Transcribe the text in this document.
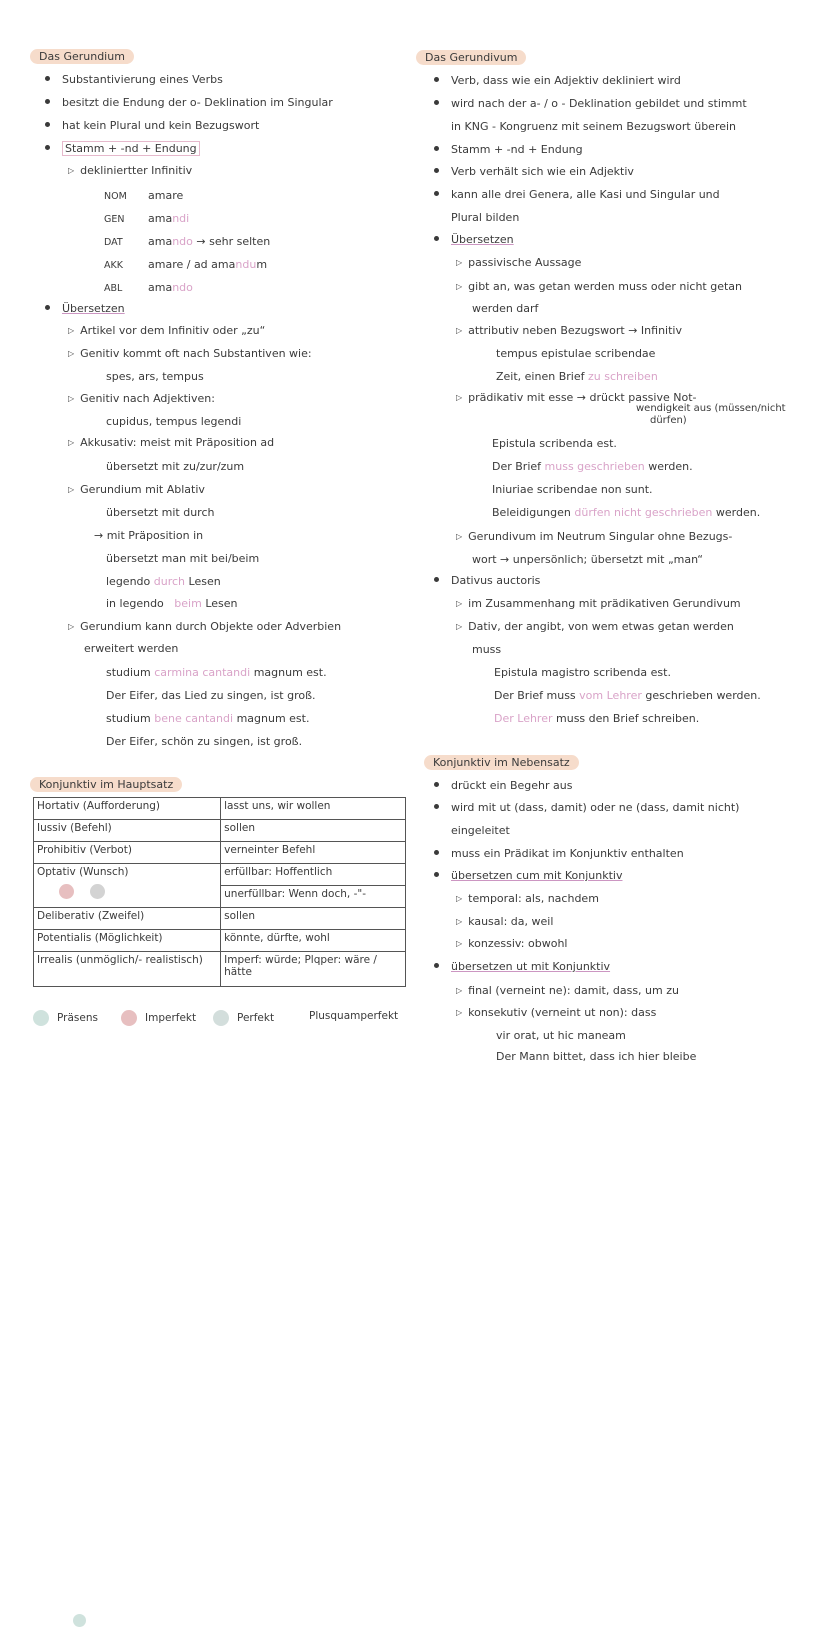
Das Gerundium
Substantivierung eines Verbs
besitzt die Endung der o- Deklination im Singular
hat kein Plural und kein Bezugswort
Stamm + -nd + Endung
▷ dekliniertter Infinitiv
NOM amare
GEN amandi
DAT amando → sehr selten
AKK amare / ad amandum
ABL amando
Übersetzen
▷ Artikel vor dem Infinitiv oder „zu“
▷ Genitiv kommt oft nach Substantiven wie:
spes, ars, tempus
▷ Genitiv nach Adjektiven:
cupidus, tempus legendi
▷ Akkusativ: meist mit Präposition ad
übersetzt mit zu/zur/zum
▷ Gerundium mit Ablativ
übersetzt mit durch
→ mit Präposition in
übersetzt man mit bei/beim
legendo durch Lesen
in legendo beim Lesen
▷ Gerundium kann durch Objekte oder Adverbien
erweitert werden
studium carmina cantandi magnum est.
Der Eifer, das Lied zu singen, ist groß.
studium bene cantandi magnum est.
Der Eifer, schön zu singen, ist groß.
Konjunktiv im Hauptsatz
Hortativ (Aufforderung)	lasst uns, wir wollen

Iussiv (Befehl)	sollen
Prohibitiv (Verbot)	verneinter Befehl

Optativ (Wunsch)	erfüllbar: Hoffentlich
	unerfüllbar: Wenn doch, -"-
Deliberativ (Zweifel)	sollen
Potentialis (Möglichkeit)	könnte, dürfte, wohl
Irrealis (unmöglich/- realistisch)	Imperf: würde; Plqper: wäre / hätte
Präsens	Imperfekt	Perfekt	Plusquamperfekt
Das Gerundivum
Verb, dass wie ein Adjektiv dekliniert wird
wird nach der a- / o - Deklination gebildet und stimmt
in KNG - Kongruenz mit seinem Bezugswort überein
Stamm + -nd + Endung
Verb verhält sich wie ein Adjektiv
kann alle drei Genera, alle Kasi und Singular und
Plural bilden
Übersetzen
▷ passivische Aussage
▷ gibt an, was getan werden muss oder nicht getan
werden darf
▷ attributiv neben Bezugswort → Infinitiv
tempus epistulae scribendae
Zeit, einen Brief zu schreiben
▷ prädikativ mit esse → drückt passive Not-
wendigkeit aus (müssen/nicht
dürfen)
Epistula scribenda est.
Der Brief muss geschrieben werden.
Iniuriae scribendae non sunt.
Beleidigungen dürfen nicht geschrieben werden.
▷ Gerundivum im Neutrum Singular ohne Bezugs-
wort → unpersönlich; übersetzt mit „man“
Dativus auctoris
▷ im Zusammenhang mit prädikativen Gerundivum
▷ Dativ, der angibt, von wem etwas getan werden
muss
Epistula magistro scribenda est.
Der Brief muss vom Lehrer geschrieben werden.
Der Lehrer muss den Brief schreiben.
Konjunktiv im Nebensatz
drückt ein Begehr aus
wird mit ut (dass, damit) oder ne (dass, damit nicht)
eingeleitet
muss ein Prädikat im Konjunktiv enthalten
übersetzen cum mit Konjunktiv
▷ temporal: als, nachdem
▷ kausal: da, weil
▷ konzessiv: obwohl
übersetzen ut mit Konjunktiv
▷ final (verneint ne): damit, dass, um zu
▷ konsekutiv (verneint ut non): dass
vir orat, ut hic maneam
Der Mann bittet, dass ich hier bleibe
